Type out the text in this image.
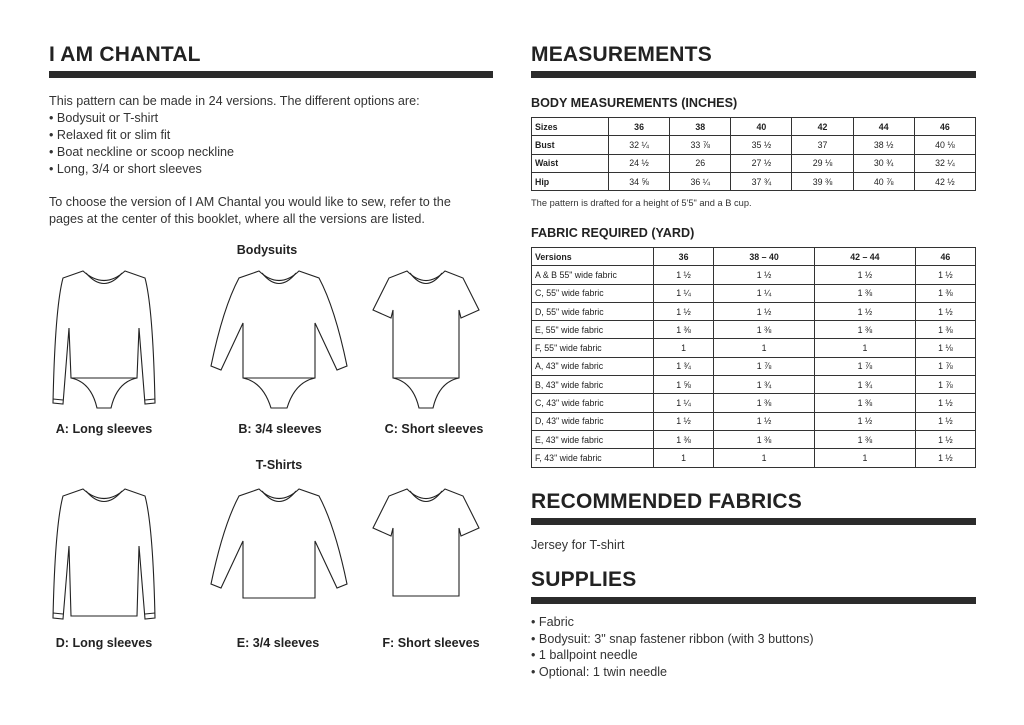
I AM CHANTAL

This pattern can be made in 24 versions. The different options are:

• Bodysuit or T-shirt
• Relaxed fit or slim fit
• Boat neckline or scoop neckline
• Long, 3/4 or short sleeves

To choose the version of I AM Chantal you would like to sew, refer to the

pages at the center of this booklet, where all the versions are listed.

Bodysuits
A: Long sleeves	B: 3/4 sleeves	C: Short sleeves
T-Shirts
D: Long sleeves	E: 3/4 sleeves	F: Short sleeves
MEASUREMENTS
BODY MEASUREMENTS (INCHES)
Sizes	36	38	40	42	44	46
Bust	32 ¼	33 ⅞	35 ½	37	38 ½	40 ⅛
Waist	24 ½	26	27 ½	29 ⅛	30 ¾	32 ¼
Hip	34 ⅝	36 ¼	37 ¾	39 ⅜	40 ⅞	42 ½
The pattern is drafted for a height of 5'5" and a B cup.
FABRIC REQUIRED (YARD)
Versions	36	38 – 40	42 – 44	46
A & B 55" wide fabric	1 ½	1 ½	1 ½	1 ½
C, 55" wide fabric	1 ¼	1 ¼	1 ⅜	1 ⅜
D, 55" wide fabric	1 ½	1 ½	1 ½	1 ½
E, 55" wide fabric	1 ⅜	1 ⅜	1 ⅜	1 ⅜
F, 55" wide fabric	1	1	1	1 ⅛
A, 43" wide fabric	1 ¾	1 ⅞	1 ⅞	1 ⅞
B, 43" wide fabric	1 ⅝	1 ¾	1 ¾	1 ⅞
C, 43" wide fabric	1 ¼	1 ⅜	1 ⅜	1 ½
D, 43" wide fabric	1 ½	1 ½	1 ½	1 ½
E, 43" wide fabric	1 ⅜	1 ⅜	1 ⅜	1 ½
F, 43" wide fabric	1	1	1	1 ½
RECOMMENDED FABRICS
Jersey for T-shirt
SUPPLIES
• Fabric
• Bodysuit: 3" snap fastener ribbon (with 3 buttons)
• 1 ballpoint needle
• Optional: 1 twin needle
